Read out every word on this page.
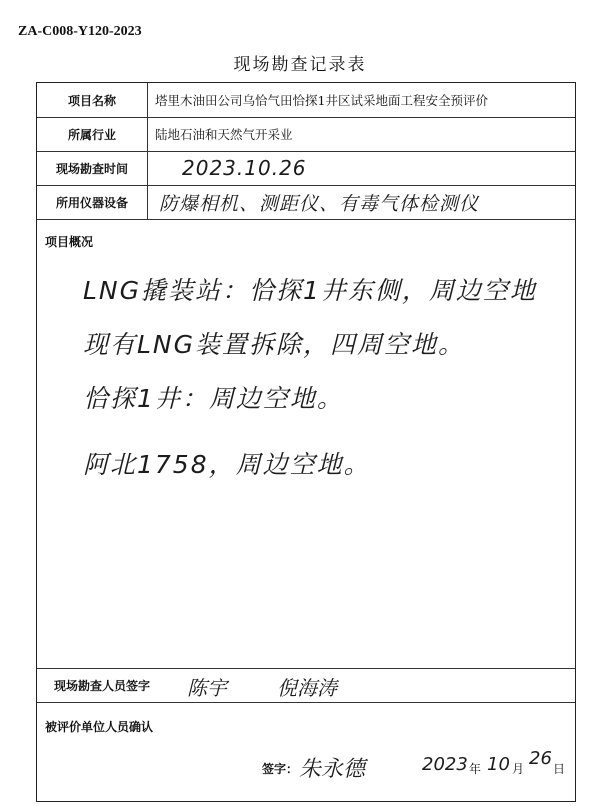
ZA-C008-Y120-2023
现场勘查记录表
项目名称	塔里木油田公司乌恰气田恰探1井区试采地面工程安全预评价
所属行业	陆地石油和天然气开采业
现场勘查时间	2023.10.26
所用仪器设备	防爆相机、测距仪、有毒气体检测仪
项目概况
LNG撬装站：恰探1井东侧，周边空地
现有LNG装置拆除，四周空地。
恰探1井：周边空地。
阿北1758，周边空地。
现场勘查人员签字	陈宇	倪海涛
被评价单位人员确认
签字： 朱永德	2023 年 10 月 26 日
